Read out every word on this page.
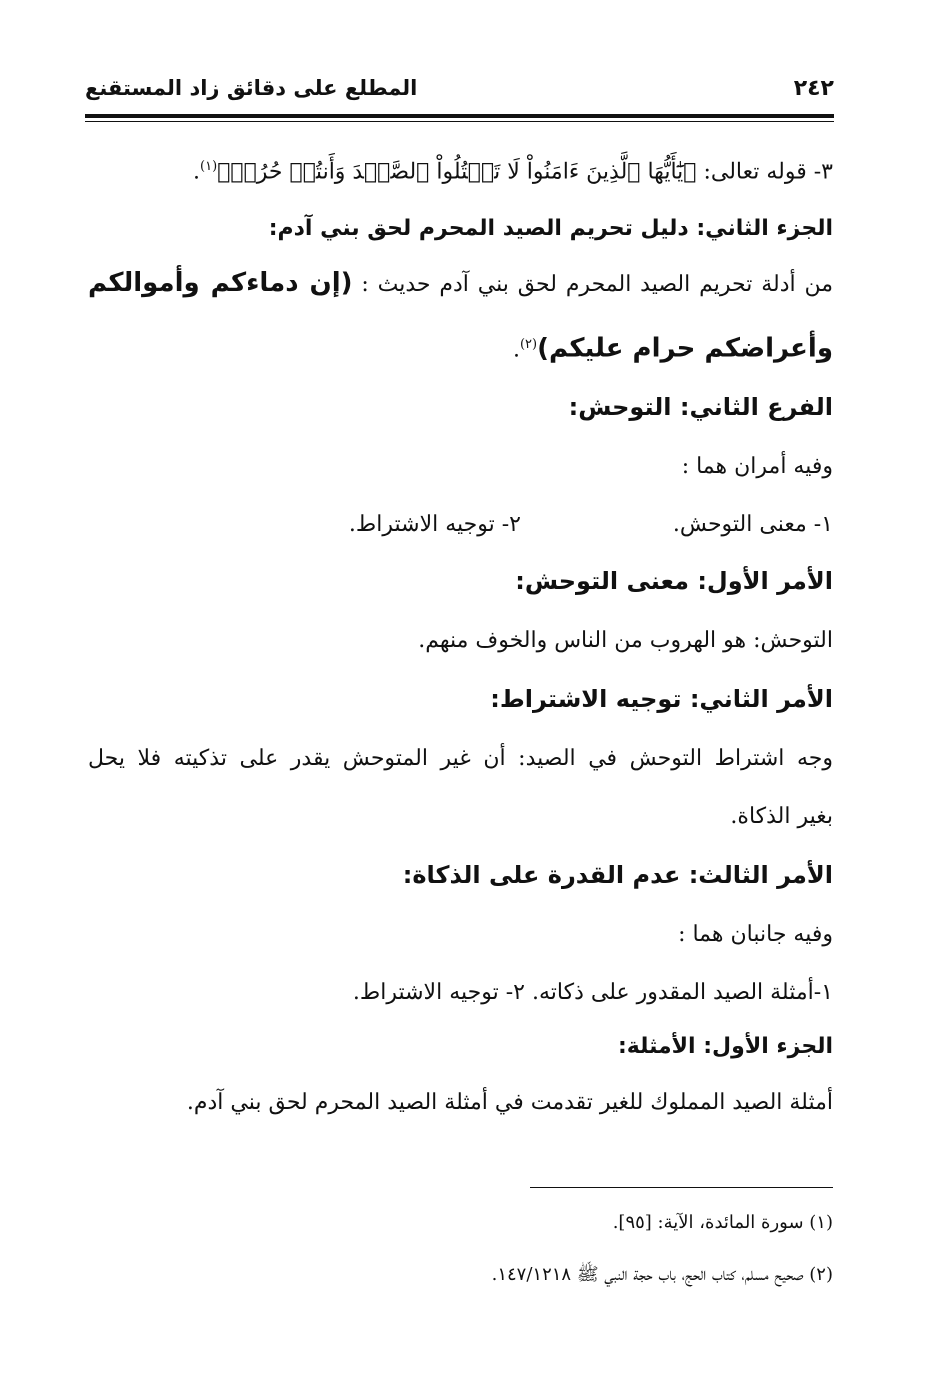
٢٤٢
المطلع على دقائق زاد المستقنع
٣- قوله تعالى: ﴿يَٰٓأَيُّهَا ٱلَّذِينَ ءَامَنُواْ لَا تَقۡتُلُواْ ٱلصَّيۡدَ وَأَنتُمۡ حُرُمٞ﴾$^{(١)}$.
الجزء الثاني: دليل تحريم الصيد المحرم لحق بني آدم:
من أدلة تحريم الصيد المحرم لحق بني آدم حديث : (إن دماءكم وأموالكم
وأعراضكم حرام عليكم)$^{(٢)}$.
الفرع الثاني: التوحش:
وفيه أمران هما :
١- معنى التوحش.
٢- توجيه الاشتراط.
الأمر الأول: معنى التوحش:
التوحش: هو الهروب من الناس والخوف منهم.
الأمر الثاني: توجيه الاشتراط:
وجه اشتراط التوحش في الصيد: أن غير المتوحش يقدر على تذكيته فلا يحل
بغير الذكاة.
الأمر الثالث: عدم القدرة على الذكاة:
وفيه جانبان هما :
١-أمثلة الصيد المقدور على ذكاته. ٢- توجيه الاشتراط.
الجزء الأول: الأمثلة:
أمثلة الصيد المملوك للغير تقدمت في أمثلة الصيد المحرم لحق بني آدم.
(١) سورة المائدة، الآية: [٩٥].
(٢) صحيح مسلم، كتاب الحج، باب حجة النبي ﷺ ١٤٧/١٢١٨.
